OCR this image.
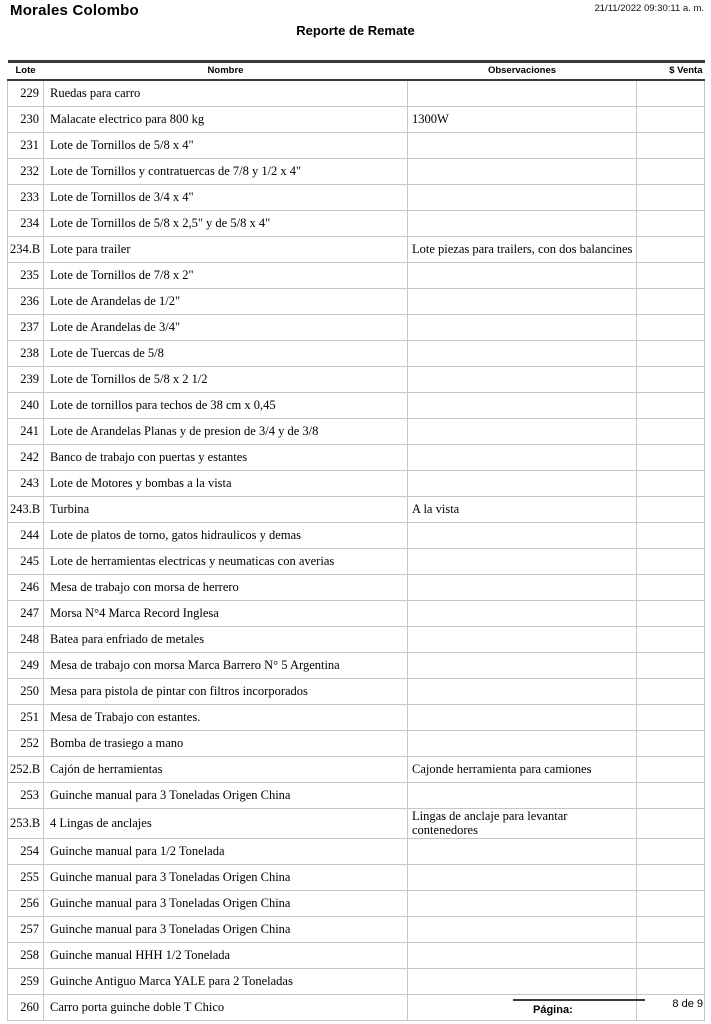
Morales Colombo	21/11/2022 09:30:11 a. m.
Reporte de Remate
Lote	Nombre	Observaciones	$ Venta
229	Ruedas para carro		
230	Malacate electrico para 800 kg	1300W	
231	Lote de Tornillos de 5/8 x 4"		
232	Lote de Tornillos y contratuercas de 7/8 y 1/2 x 4"		
233	Lote de Tornillos de 3/4 x 4"		
234	Lote de Tornillos de 5/8 x 2,5" y de 5/8 x 4"		
234.B	Lote para trailer	Lote piezas para trailers, con dos balancines	
235	Lote de Tornillos de 7/8 x 2"		
236	Lote de Arandelas de 1/2"		
237	Lote de Arandelas de 3/4"		
238	Lote de Tuercas de 5/8		
239	Lote de Tornillos de 5/8 x 2 1/2		
240	Lote de tornillos para techos de 38 cm x 0,45		
241	Lote de Arandelas Planas y de presion de 3/4 y de 3/8		
242	Banco de trabajo con puertas y estantes		
243	Lote de Motores y bombas a la vista		
243.B	Turbina	A la vista	
244	Lote de platos de torno, gatos hidraulicos y demas		
245	Lote de herramientas electricas y neumaticas con averias		
246	Mesa de trabajo con morsa de herrero		
247	Morsa N°4 Marca Record Inglesa		
248	Batea para enfriado de metales		
249	Mesa de trabajo con morsa Marca Barrero N° 5 Argentina		
250	Mesa para pistola de pintar con filtros incorporados		
251	Mesa de Trabajo con estantes.		
252	Bomba de trasiego a mano		
252.B	Cajón de herramientas	Cajonde herramienta para camiones	
253	Guinche manual para 3 Toneladas Origen China		
253.B	4 Lingas de anclajes	Lingas de anclaje para levantar contenedores	
254	Guinche manual para 1/2 Tonelada		
255	Guinche manual para 3 Toneladas Origen China		
256	Guinche manual para 3 Toneladas Origen China		
257	Guinche manual para 3 Toneladas Origen China		
258	Guinche manual HHH 1/2 Tonelada		
259	Guinche Antiguo Marca YALE para 2 Toneladas		
260	Carro porta guinche doble T Chico			Página:	8 de 9
